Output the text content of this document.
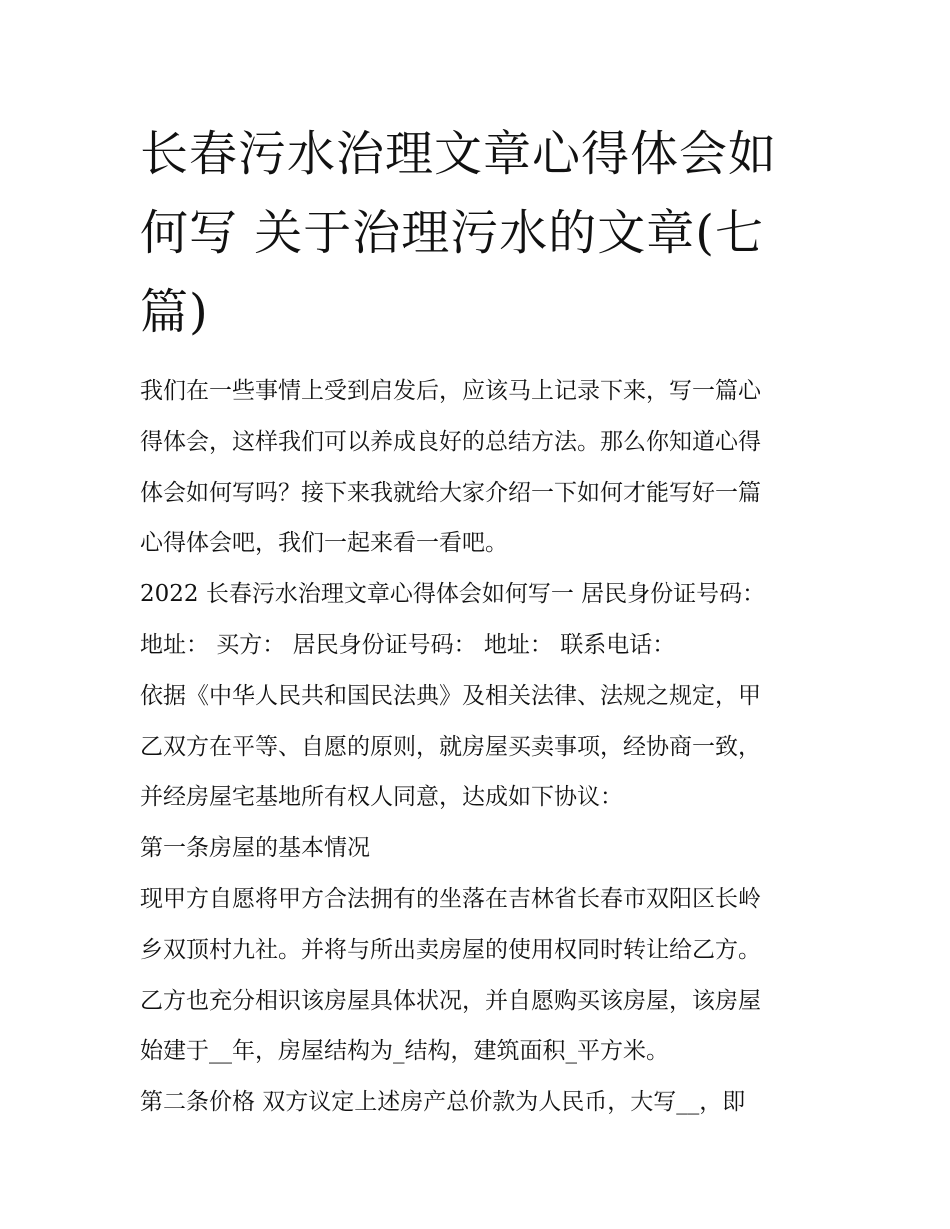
长春污水治理文章心得体会如
何写 关于治理污水的文章(七
篇)

我们在一些事情上受到启发后，应该马上记录下来，写一篇心
得体会，这样我们可以养成良好的总结方法。那么你知道心得
体会如何写吗？接下来我就给大家介绍一下如何才能写好一篇
心得体会吧，我们一起来看一看吧。

2022 长春污水治理文章心得体会如何写一 居民身份证号码：
地址： 买方： 居民身份证号码： 地址： 联系电话：

依据《中华人民共和国民法典》及相关法律、法规之规定，甲
乙双方在平等、自愿的原则，就房屋买卖事项，经协商一致，
并经房屋宅基地所有权人同意，达成如下协议：

第一条房屋的基本情况

现甲方自愿将甲方合法拥有的坐落在吉林省长春市双阳区长岭
乡双顶村九社。并将与所出卖房屋的使用权同时转让给乙方。
乙方也充分相识该房屋具体状况，并自愿购买该房屋，该房屋
始建于__年，房屋结构为_结构，建筑面积_平方米。

第二条价格 双方议定上述房产总价款为人民币，大写__，即
